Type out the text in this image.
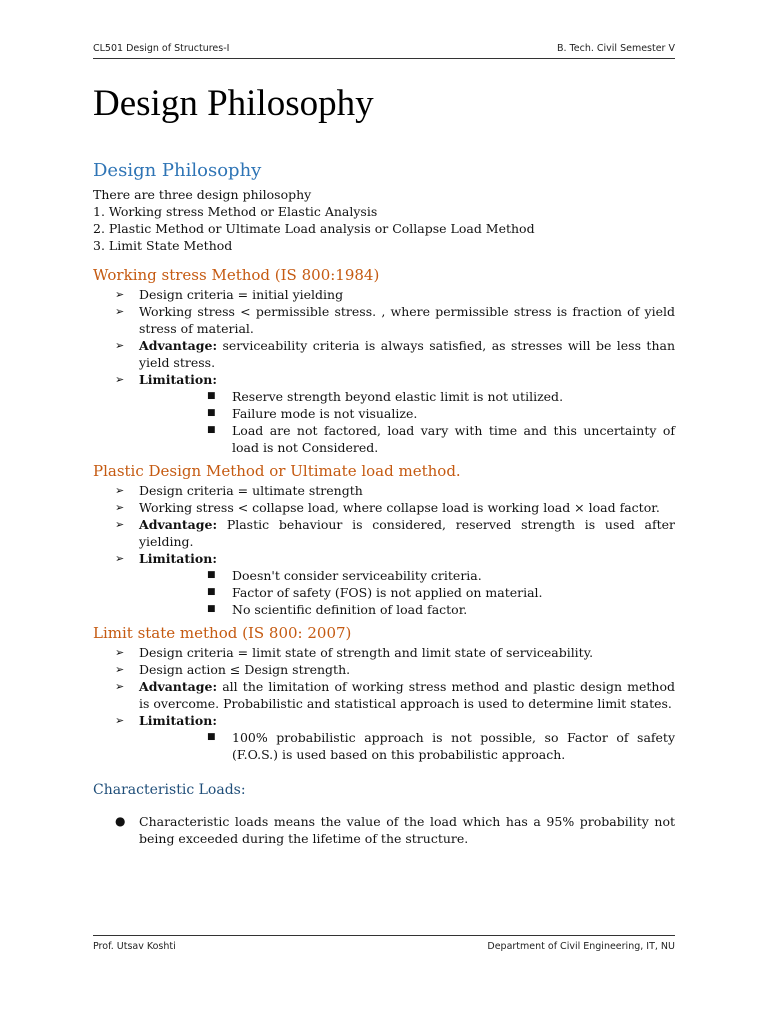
CL501 Design of Structures-I	B. Tech. Civil Semester V
Design Philosophy
Design Philosophy

There are three design philosophy

1. Working stress Method or Elastic Analysis

2. Plastic Method or Ultimate Load analysis or Collapse Load Method

3. Limit State Method

Working stress Method (IS 800:1984)
➢ Design criteria = initial yielding
➢ Working stress < permissible stress. , where permissible stress is fraction of yield stress of material.
➢ Advantage: serviceability criteria is always satisfied, as stresses will be less than yield stress.
➢ Limitation:
■ Reserve strength beyond elastic limit is not utilized.
■ Failure mode is not visualize.
■ Load are not factored, load vary with time and this uncertainty of load is not Considered.
Plastic Design Method or Ultimate load method.
➢ Design criteria = ultimate strength
➢ Working stress < collapse load, where collapse load is working load × load factor.
➢ Advantage: Plastic behaviour is considered, reserved strength is used after yielding.
➢ Limitation:
■ Doesn't consider serviceability criteria.
■ Factor of safety (FOS) is not applied on material.
■ No scientific definition of load factor.
Limit state method (IS 800: 2007)
➢ Design criteria = limit state of strength and limit state of serviceability.
➢ Design action ≤ Design strength.
➢ Advantage: all the limitation of working stress method and plastic design method is overcome. Probabilistic and statistical approach is used to determine limit states.
➢ Limitation:
■ 100% probabilistic approach is not possible, so Factor of safety (F.O.S.) is used based on this probabilistic approach.
Characteristic Loads:
● Characteristic loads means the value of the load which has a 95% probability not being exceeded during the lifetime of the structure.
Prof. Utsav Koshti	Department of Civil Engineering, IT, NU
